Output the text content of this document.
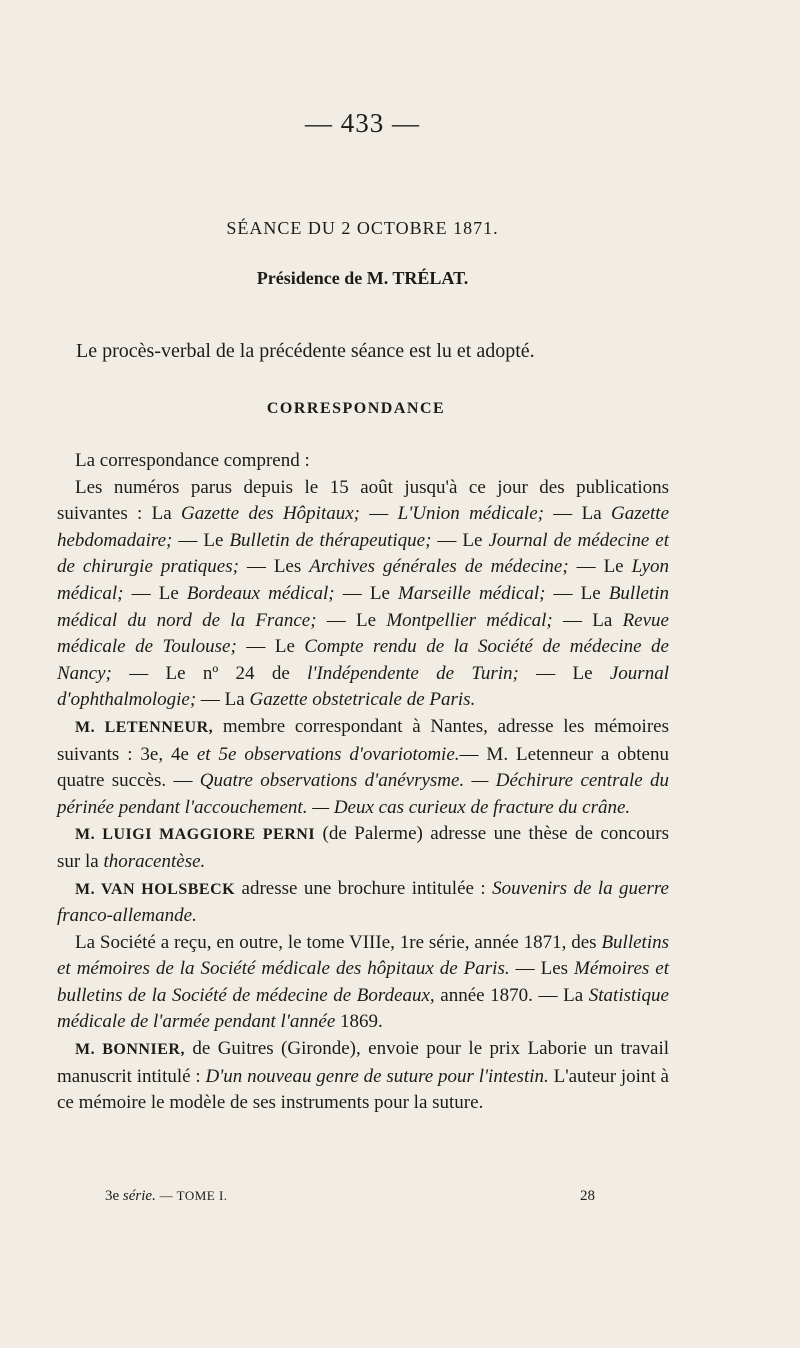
— 433 —
SÉANCE DU 2 OCTOBRE 1871.
Présidence de M. TRÉLAT.
Le procès-verbal de la précédente séance est lu et adopté.
CORRESPONDANCE

La correspondance comprend :

Les numéros parus depuis le 15 août jusqu'à ce jour des publications suivantes : La Gazette des Hôpitaux; — L'Union médicale; — La Gazette hebdomadaire; — Le Bulletin de thérapeutique; — Le Journal de médecine et de chirurgie pratiques; — Les Archives générales de médecine; — Le Lyon médical; — Le Bordeaux médical; — Le Marseille médical; — Le Bulletin médical du nord de la France; — Le Montpellier médical; — La Revue médicale de Toulouse; — Le Compte rendu de la Société de médecine de Nancy; — Le nº 24 de l'Indépendente de Turin; — Le Journal d'ophthalmologie; — La Gazette obstetricale de Paris.

M. LETENNEUR, membre correspondant à Nantes, adresse les mémoires suivants : 3e, 4e et 5e observations d'ovariotomie.— M. Letenneur a obtenu quatre succès. — Quatre observations d'anévrysme. — Déchirure centrale du périnée pendant l'accouchement. — Deux cas curieux de fracture du crâne.

M. LUIGI MAGGIORE PERNI (de Palerme) adresse une thèse de concours sur la thoracentèse.

M. VAN HOLSBECK adresse une brochure intitulée : Souvenirs de la guerre franco-allemande.

La Société a reçu, en outre, le tome VIIIe, 1re série, année 1871, des Bulletins et mémoires de la Société médicale des hôpitaux de Paris. — Les Mémoires et bulletins de la Société de médecine de Bordeaux, année 1870. — La Statistique médicale de l'armée pendant l'année 1869.

M. BONNIER, de Guitres (Gironde), envoie pour le prix Laborie un travail manuscrit intitulé : D'un nouveau genre de suture pour l'intestin. L'auteur joint à ce mémoire le modèle de ses instruments pour la suture.

3e série. — TOME I.	28
